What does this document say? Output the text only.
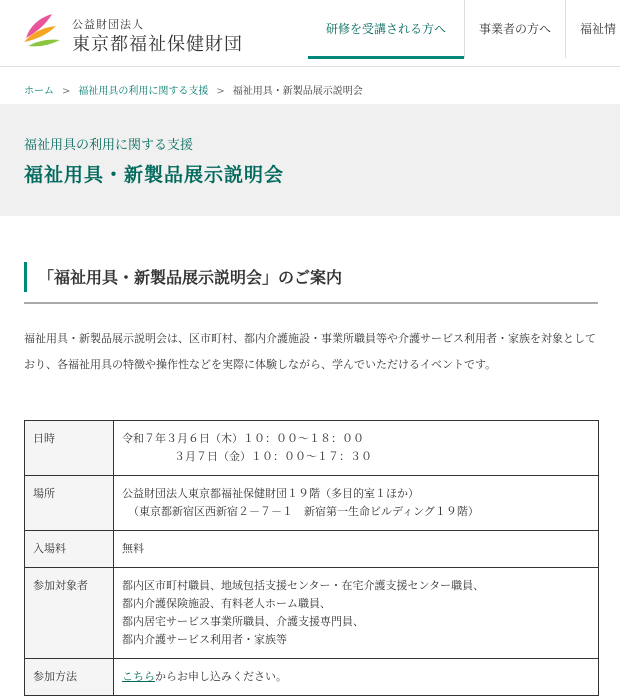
公益財団法人
東京都福祉保健財団
研修を受講される方へ	事業者の方へ	福祉情
ホーム > 福祉用具の利用に関する支援 > 福祉用具・新製品展示説明会
福祉用具の利用に関する支援
福祉用具・新製品展示説明会
「福祉用具・新製品展示説明会」のご案内

福祉用具・新製品展示説明会は、区市町村、都内介護施設・事業所職員等や介護サービス利用者・家族を対象としており、各福祉用具の特徴や操作性などを実際に体験しながら、学んでいただけるイベントです。

日時	令和７年３月６日（木）１０：００～１８：００
３月７日（金）１０：００～１７：３０

場所	公益財団法人東京都福祉保健財団１９階（多目的室１ほか）
（東京都新宿区西新宿２－７－１　新宿第一生命ビルディング１９階）

入場料	無料
参加対象者	都内区市町村職員、地域包括支援センター・在宅介護支援センター職員、
都内介護保険施設、有料老人ホーム職員、
都内居宅サービス事業所職員、介護支援専門員、
都内介護サービス利用者・家族等

参加方法	こちらからお申し込みください。
